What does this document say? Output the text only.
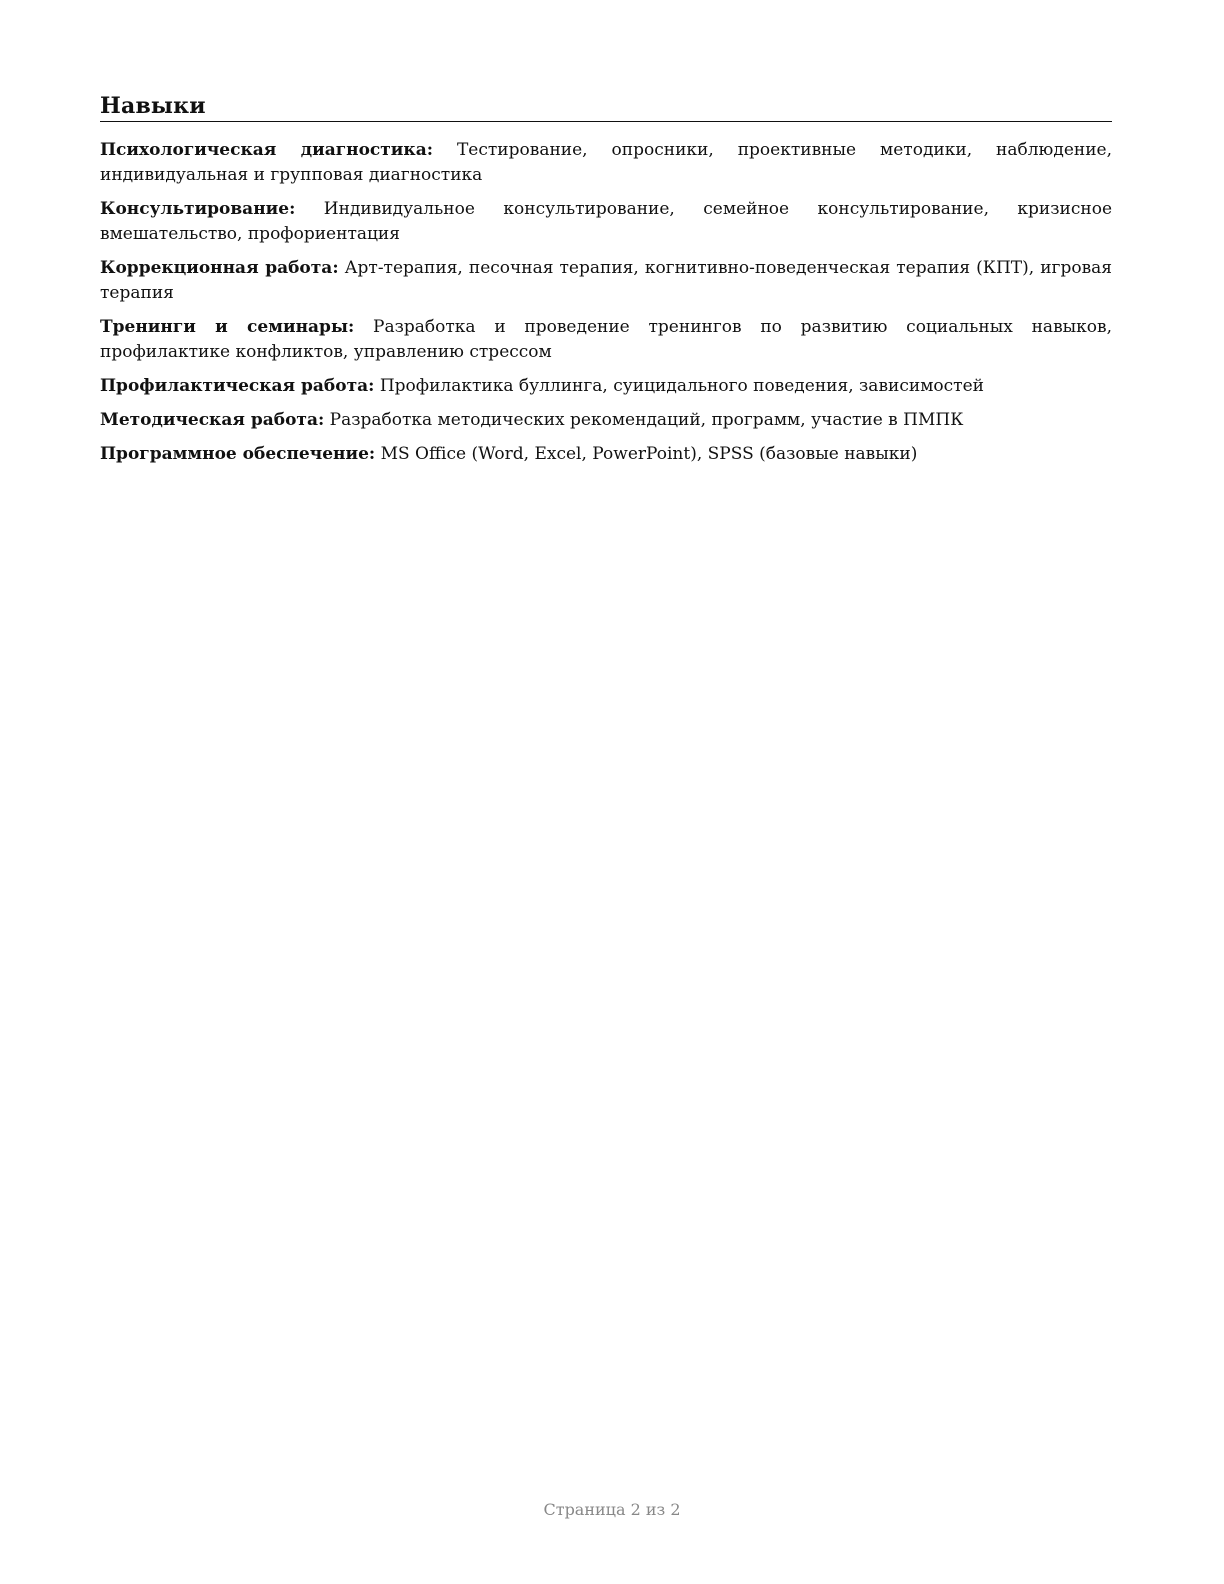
Навыки

Психологическая диагностика: Тестирование, опросники, проективные методики, наблюдение, индивидуальная и групповая диагностика

Консультирование: Индивидуальное консультирование, семейное консультирование, кризисное вмешательство, профориентация

Коррекционная работа: Арт-терапия, песочная терапия, когнитивно-поведенческая терапия (КПТ), игровая терапия

Тренинги и семинары: Разработка и проведение тренингов по развитию социальных навыков, профилактике конфликтов, управлению стрессом

Профилактическая работа: Профилактика буллинга, суицидального поведения, зависимостей

Методическая работа: Разработка методических рекомендаций, программ, участие в ПМПК

Программное обеспечение: MS Office (Word, Excel, PowerPoint), SPSS (базовые навыки)

Страница 2 из 2
